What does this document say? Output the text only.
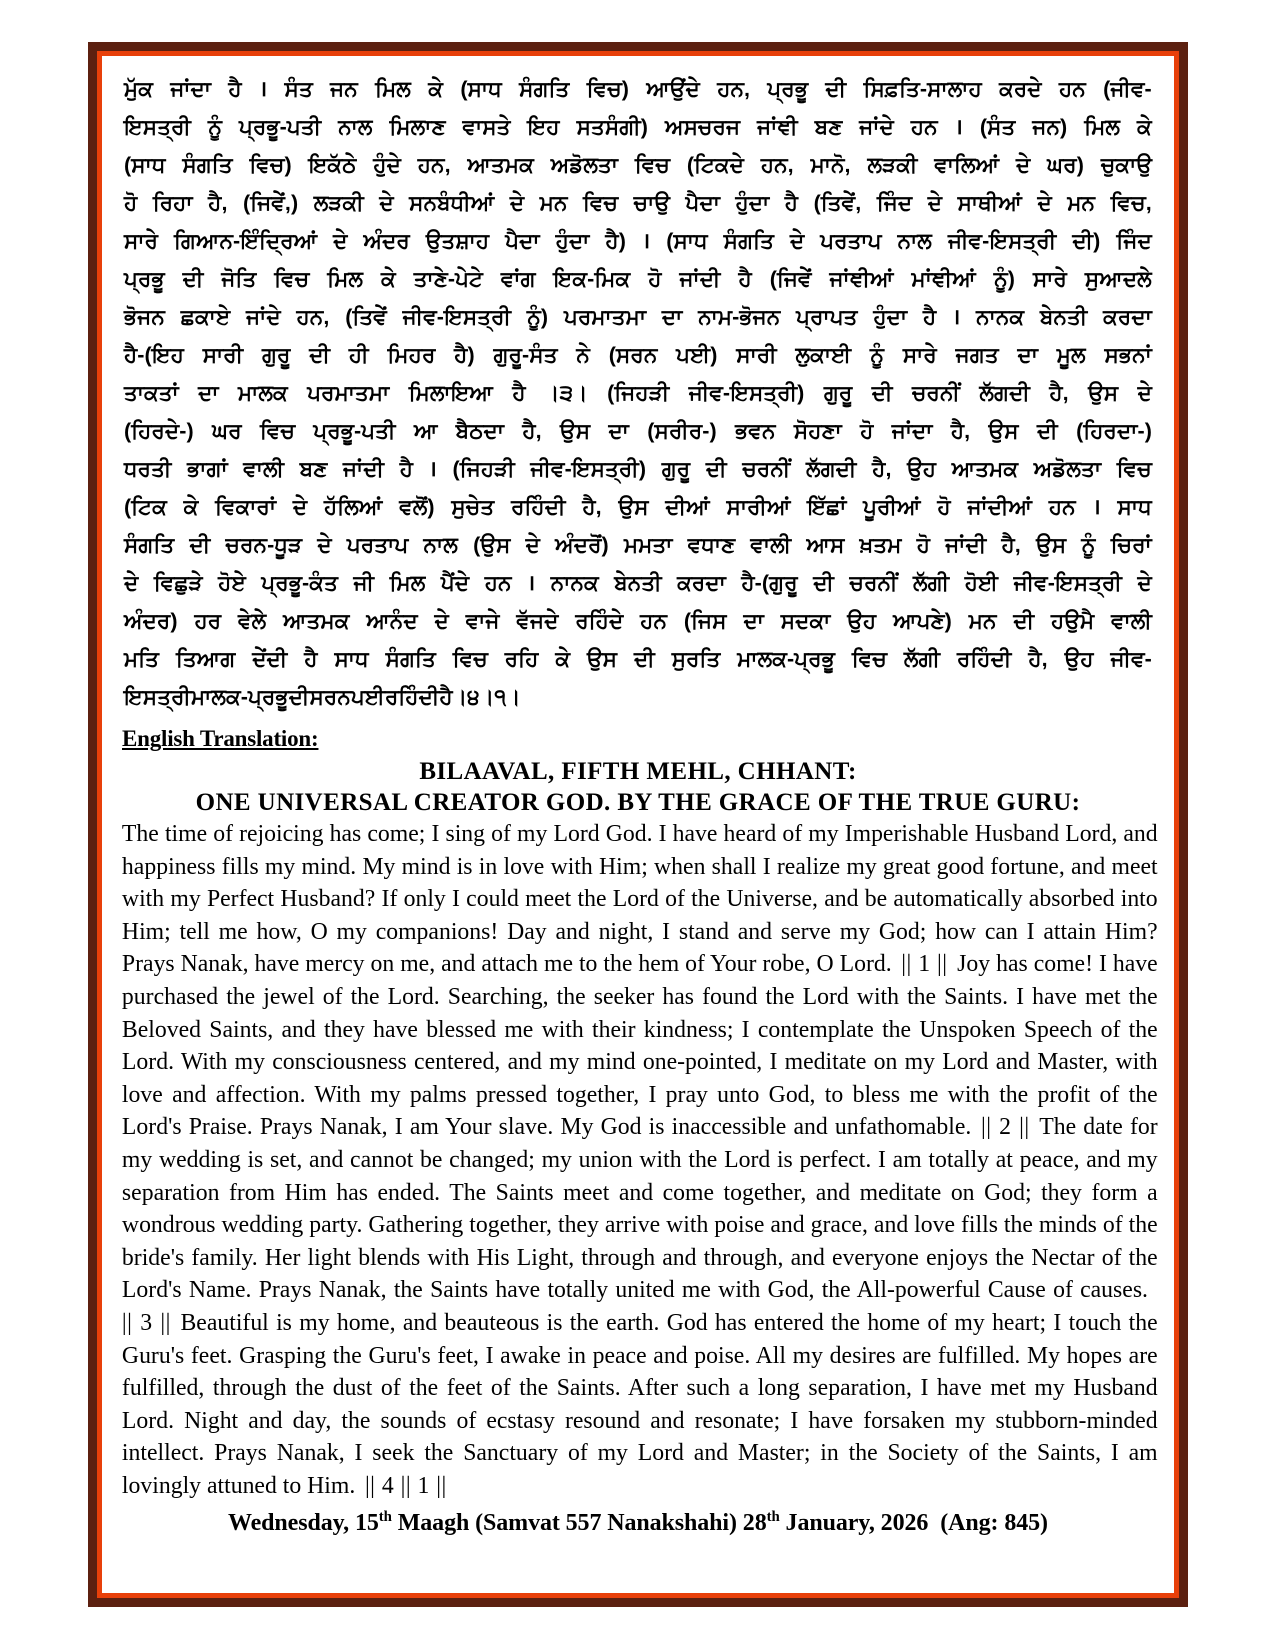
ਮੁੱਕ ਜਾਂਦਾ ਹੈ । ਸੰਤ ਜਨ ਮਿਲ ਕੇ (ਸਾਧ ਸੰਗਤਿ ਵਿਚ) ਆਉਂਦੇ ਹਨ, ਪ੍ਰਭੂ ਦੀ ਸਿਫ਼ਤਿ-ਸਾਲਾਹ ਕਰਦੇ ਹਨ (ਜੀਵ-
ਇਸਤ੍ਰੀ ਨੂੰ ਪ੍ਰਭੂ-ਪਤੀ ਨਾਲ ਮਿਲਾਣ ਵਾਸਤੇ ਇਹ ਸਤਸੰਗੀ) ਅਸਚਰਜ ਜਾਂਞੀ ਬਣ ਜਾਂਦੇ ਹਨ । (ਸੰਤ ਜਨ) ਮਿਲ ਕੇ
(ਸਾਧ ਸੰਗਤਿ ਵਿਚ) ਇਕੱਠੇ ਹੁੰਦੇ ਹਨ, ਆਤਮਕ ਅਡੋਲਤਾ ਵਿਚ (ਟਿਕਦੇ ਹਨ, ਮਾਨੋ, ਲੜਕੀ ਵਾਲਿਆਂ ਦੇ ਘਰ) ਚੁਕਾਉ
ਹੋ ਰਿਹਾ ਹੈ, (ਜਿਵੇਂ,) ਲੜਕੀ ਦੇ ਸਨਬੰਧੀਆਂ ਦੇ ਮਨ ਵਿਚ ਚਾਉ ਪੈਦਾ ਹੁੰਦਾ ਹੈ (ਤਿਵੇਂ, ਜਿੰਦ ਦੇ ਸਾਥੀਆਂ ਦੇ ਮਨ ਵਿਚ,
ਸਾਰੇ ਗਿਆਨ-ਇੰਦ੍ਰਿਆਂ ਦੇ ਅੰਦਰ ਉਤਸ਼ਾਹ ਪੈਦਾ ਹੁੰਦਾ ਹੈ) । (ਸਾਧ ਸੰਗਤਿ ਦੇ ਪਰਤਾਪ ਨਾਲ ਜੀਵ-ਇਸਤ੍ਰੀ ਦੀ) ਜਿੰਦ
ਪ੍ਰਭੂ ਦੀ ਜੋਤਿ ਵਿਚ ਮਿਲ ਕੇ ਤਾਣੇ-ਪੇਟੇ ਵਾਂਗ ਇਕ-ਮਿਕ ਹੋ ਜਾਂਦੀ ਹੈ (ਜਿਵੇਂ ਜਾਂਞੀਆਂ ਮਾਂਞੀਆਂ ਨੂੰ) ਸਾਰੇ ਸੁਆਦਲੇ
ਭੋਜਨ ਛਕਾਏ ਜਾਂਦੇ ਹਨ, (ਤਿਵੇਂ ਜੀਵ-ਇਸਤ੍ਰੀ ਨੂੰ) ਪਰਮਾਤਮਾ ਦਾ ਨਾਮ-ਭੋਜਨ ਪ੍ਰਾਪਤ ਹੁੰਦਾ ਹੈ । ਨਾਨਕ ਬੇਨਤੀ ਕਰਦਾ
ਹੈ-(ਇਹ ਸਾਰੀ ਗੁਰੂ ਦੀ ਹੀ ਮਿਹਰ ਹੈ) ਗੁਰੂ-ਸੰਤ ਨੇ (ਸਰਨ ਪਈ) ਸਾਰੀ ਲੁਕਾਈ ਨੂੰ ਸਾਰੇ ਜਗਤ ਦਾ ਮੂਲ ਸਭਨਾਂ
ਤਾਕਤਾਂ ਦਾ ਮਾਲਕ ਪਰਮਾਤਮਾ ਮਿਲਾਇਆ ਹੈ ।੩। (ਜਿਹੜੀ ਜੀਵ-ਇਸਤ੍ਰੀ) ਗੁਰੂ ਦੀ ਚਰਨੀਂ ਲੱਗਦੀ ਹੈ, ਉਸ ਦੇ
(ਹਿਰਦੇ-) ਘਰ ਵਿਚ ਪ੍ਰਭੂ-ਪਤੀ ਆ ਬੈਠਦਾ ਹੈ, ਉਸ ਦਾ (ਸਰੀਰ-) ਭਵਨ ਸੋਹਣਾ ਹੋ ਜਾਂਦਾ ਹੈ, ਉਸ ਦੀ (ਹਿਰਦਾ-)
ਧਰਤੀ ਭਾਗਾਂ ਵਾਲੀ ਬਣ ਜਾਂਦੀ ਹੈ । (ਜਿਹੜੀ ਜੀਵ-ਇਸਤ੍ਰੀ) ਗੁਰੂ ਦੀ ਚਰਨੀਂ ਲੱਗਦੀ ਹੈ, ਉਹ ਆਤਮਕ ਅਡੋਲਤਾ ਵਿਚ
(ਟਿਕ ਕੇ ਵਿਕਾਰਾਂ ਦੇ ਹੱਲਿਆਂ ਵਲੋਂ) ਸੁਚੇਤ ਰਹਿੰਦੀ ਹੈ, ਉਸ ਦੀਆਂ ਸਾਰੀਆਂ ਇੱਛਾਂ ਪੂਰੀਆਂ ਹੋ ਜਾਂਦੀਆਂ ਹਨ । ਸਾਧ
ਸੰਗਤਿ ਦੀ ਚਰਨ-ਧੂੜ ਦੇ ਪਰਤਾਪ ਨਾਲ (ਉਸ ਦੇ ਅੰਦਰੋਂ) ਮਮਤਾ ਵਧਾਣ ਵਾਲੀ ਆਸ ਖ਼ਤਮ ਹੋ ਜਾਂਦੀ ਹੈ, ਉਸ ਨੂੰ ਚਿਰਾਂ
ਦੇ ਵਿਛੁੜੇ ਹੋਏ ਪ੍ਰਭੂ-ਕੰਤ ਜੀ ਮਿਲ ਪੈਂਦੇ ਹਨ । ਨਾਨਕ ਬੇਨਤੀ ਕਰਦਾ ਹੈ-(ਗੁਰੂ ਦੀ ਚਰਨੀਂ ਲੱਗੀ ਹੋਈ ਜੀਵ-ਇਸਤ੍ਰੀ ਦੇ
ਅੰਦਰ) ਹਰ ਵੇਲੇ ਆਤਮਕ ਆਨੰਦ ਦੇ ਵਾਜੇ ਵੱਜਦੇ ਰਹਿੰਦੇ ਹਨ (ਜਿਸ ਦਾ ਸਦਕਾ ਉਹ ਆਪਣੇ) ਮਨ ਦੀ ਹਉਮੈ ਵਾਲੀ
ਮਤਿ ਤਿਆਗ ਦੇਂਦੀ ਹੈ ਸਾਧ ਸੰਗਤਿ ਵਿਚ ਰਹਿ ਕੇ ਉਸ ਦੀ ਸੁਰਤਿ ਮਾਲਕ-ਪ੍ਰਭੂ ਵਿਚ ਲੱਗੀ ਰਹਿੰਦੀ ਹੈ, ਉਹ ਜੀਵ-
ਇਸਤ੍ਰੀ ਮਾਲਕ-ਪ੍ਰਭੂ ਦੀ ਸਰਨ ਪਈ ਰਹਿੰਦੀ ਹੈ ।੪।੧।
English Translation:
BILAAVAL, FIFTH MEHL, CHHANT:
ONE UNIVERSAL CREATOR GOD. BY THE GRACE OF THE TRUE GURU:

The time of rejoicing has come; I sing of my Lord God. I have heard of my Imperishable Husband Lord, and happiness fills my mind. My mind is in love with Him; when shall I realize my great good fortune, and meet with my Perfect Husband? If only I could meet the Lord of the Universe, and be automatically absorbed into Him; tell me how, O my companions! Day and night, I stand and serve my God; how can I attain Him? Prays Nanak, have mercy on me, and attach me to the hem of Your robe, O Lord. || 1 || Joy has come! I have purchased the jewel of the Lord. Searching, the seeker has found the Lord with the Saints. I have met the Beloved Saints, and they have blessed me with their kindness; I contemplate the Unspoken Speech of the Lord. With my consciousness centered, and my mind one-pointed, I meditate on my Lord and Master, with love and affection. With my palms pressed together, I pray unto God, to bless me with the profit of the Lord's Praise. Prays Nanak, I am Your slave. My God is inaccessible and unfathomable. || 2 || The date for my wedding is set, and cannot be changed; my union with the Lord is perfect. I am totally at peace, and my separation from Him has ended. The Saints meet and come together, and meditate on God; they form a wondrous wedding party. Gathering together, they arrive with poise and grace, and love fills the minds of the bride's family. Her light blends with His Light, through and through, and everyone enjoys the Nectar of the Lord's Name. Prays Nanak, the Saints have totally united me with God, the All-powerful Cause of causes.|| 3 || Beautiful is my home, and beauteous is the earth. God has entered the home of my heart; I touch the Guru's feet. Grasping the Guru's feet, I awake in peace and poise. All my desires are fulfilled. My hopes are fulfilled, through the dust of the feet of the Saints. After such a long separation, I have met my Husband Lord. Night and day, the sounds of ecstasy resound and resonate; I have forsaken my stubborn-minded intellect. Prays Nanak, I seek the Sanctuary of my Lord and Master; in the Society of the Saints, I am lovingly attuned to Him. || 4 || 1 ||

Wednesday, 15th Maagh (Samvat 557 Nanakshahi) 28th January, 2026 (Ang: 845)
